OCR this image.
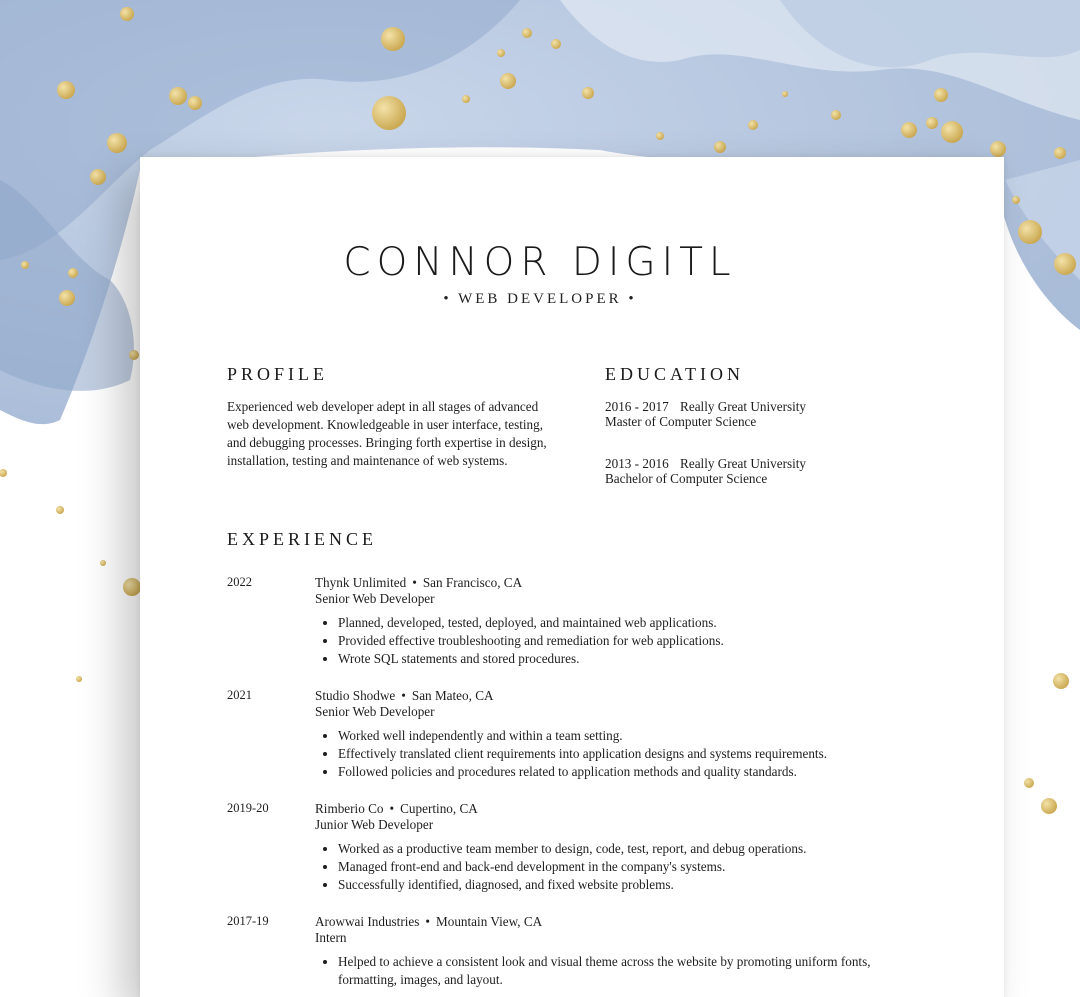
CONNOR DIGITL
• WEB DEVELOPER •
PROFILE
Experienced web developer adept in all stages of advanced web development. Knowledgeable in user interface, testing, and debugging processes. Bringing forth expertise in design, installation, testing and maintenance of web systems.
EDUCATION
2016 - 2017 Really Great University
Master of Computer Science
2013 - 2016 Really Great University
Bachelor of Computer Science
EXPERIENCE
2022	Thynk Unlimited • San Francisco, CA
Senior Web Developer
• Planned, developed, tested, deployed, and maintained web applications.
• Provided effective troubleshooting and remediation for web applications.
• Wrote SQL statements and stored procedures.
2021	Studio Shodwe • San Mateo, CA
Senior Web Developer
• Worked well independently and within a team setting.
• Effectively translated client requirements into application designs and systems requirements.
• Followed policies and procedures related to application methods and quality standards.
2019-20	Rimberio Co • Cupertino, CA
Junior Web Developer
• Worked as a productive team member to design, code, test, report, and debug operations.
• Managed front-end and back-end development in the company's systems.
• Successfully identified, diagnosed, and fixed website problems.
2017-19	Arowwai Industries • Mountain View, CA
Intern
• Helped to achieve a consistent look and visual theme across the website by promoting uniform fonts, formatting, images, and layout.
